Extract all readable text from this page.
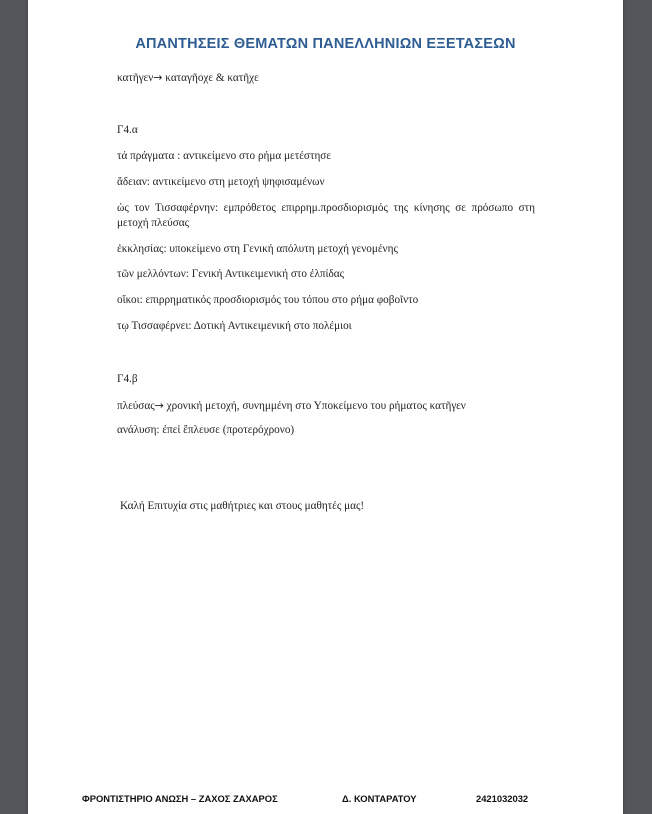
ΑΠΑΝΤΗΣΕΙΣ ΘΕΜΑΤΩΝ ΠΑΝΕΛΛΗΝΙΩΝ ΕΞΕΤΑΣΕΩΝ
κατῆγεν→ καταγῆοχε & κατῆχε
Γ4.α
τά πράγματα : αντικείμενο στο ρήμα μετέστησε
ἄδειαν: αντικείμενο στη μετοχή ψηφισαμένων
ὡς τον Τισσαφέρνην: εμπρόθετος επιρρημ.προσδιορισμός της κίνησης σε πρόσωπο στη μετοχή πλεύσας
ἐκκλησίας: υποκείμενο στη Γενική απόλυτη μετοχή γενομένης
τῶν μελλόντων: Γενική Αντικειμενική στο ἐλπίδας
οἴκοι: επιρρηματικός προσδιορισμός του τόπου στο ρήμα φοβοῖντο
τῳ Τισσαφέρνει: Δοτική Αντικειμενική στο πολέμιοι
Γ4.β
πλεύσας→ χρονική μετοχή, συνημμένη στο Υποκείμενο του ρήματος κατῆγεν
ανάλυση: ἐπεἰ ἔπλευσε (προτερόχρονο)
Καλή Επιτυχία στις μαθήτριες και στους μαθητές μας!
ΦΡΟΝΤΙΣΤΗΡΙΟ ΑΝΩΣΗ – ΖΑΧΟΣ ΖΑΧΑΡΟΣ	Δ. ΚΟΝΤΑΡΑΤΟΥ	2421032032
